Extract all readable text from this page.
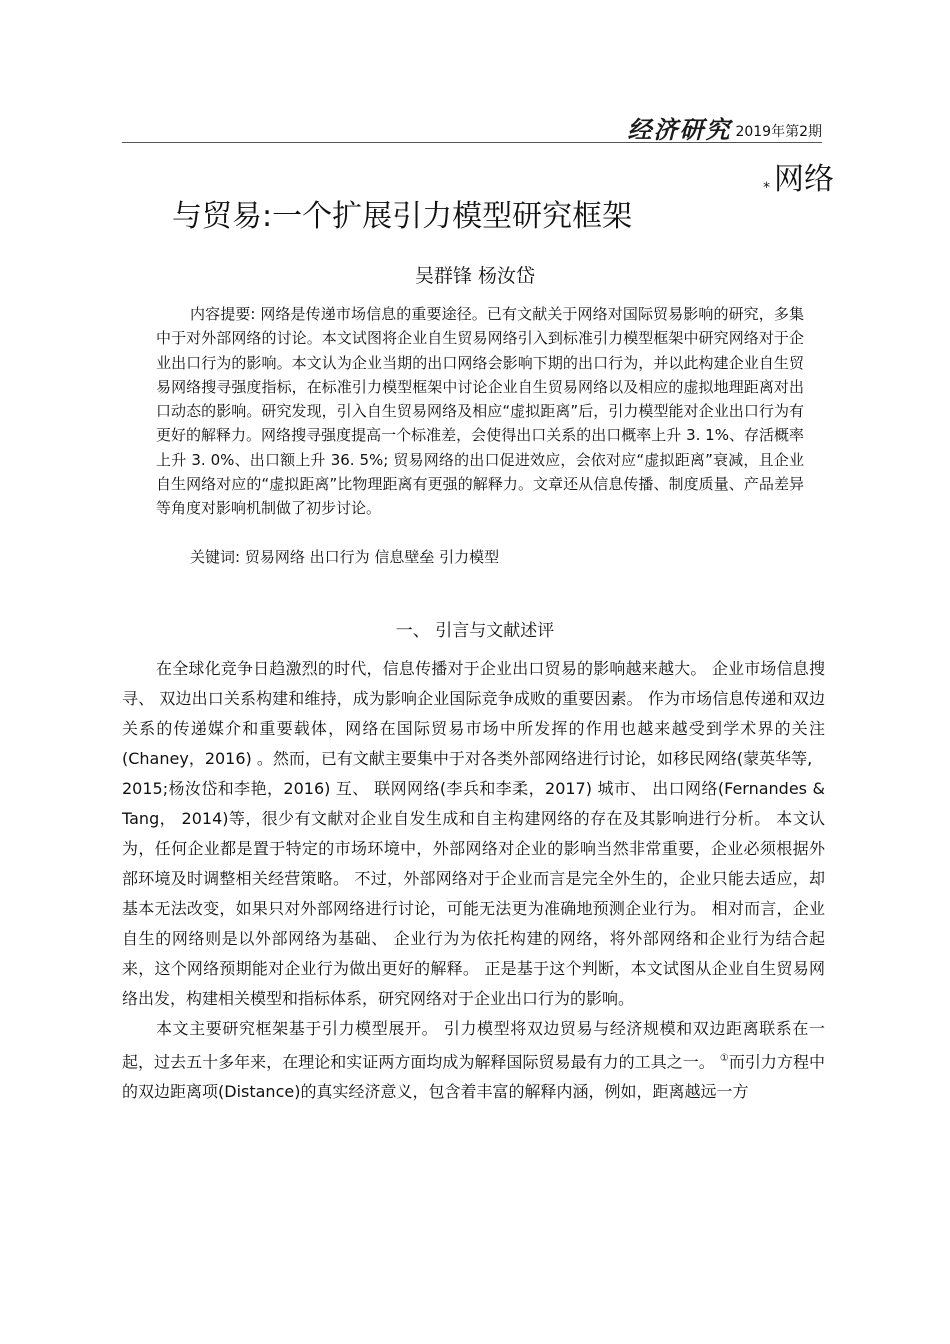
经济研究 2019年第2期
* 网络
与贸易:一个扩展引力模型研究框架
吴群锋 杨汝岱

内容提要: 网络是传递市场信息的重要途径。已有文献关于网络对国际贸易影响的研究，多集中于对外部网络的讨论。本文试图将企业自生贸易网络引入到标准引力模型框架中研究网络对于企业出口行为的影响。本文认为企业当期的出口网络会影响下期的出口行为，并以此构建企业自生贸易网络搜寻强度指标，在标准引力模型框架中讨论企业自生贸易网络以及相应的虚拟地理距离对出口动态的影响。研究发现，引入自生贸易网络及相应“虚拟距离”后，引力模型能对企业出口行为有更好的解释力。网络搜寻强度提高一个标准差，会使得出口关系的出口概率上升 3. 1%、存活概率上升 3. 0%、出口额上升 36. 5%; 贸易网络的出口促进效应，会依对应“虚拟距离”衰减，且企业自生网络对应的“虚拟距离”比物理距离有更强的解释力。文章还从信息传播、制度质量、产品差异等角度对影响机制做了初步讨论。

关键词: 贸易网络 出口行为 信息壁垒 引力模型

一、 引言与文献述评

在全球化竞争日趋激烈的时代，信息传播对于企业出口贸易的影响越来越大。 企业市场信息搜寻、 双边出口关系构建和维持，成为影响企业国际竞争成败的重要因素。 作为市场信息传递和双边关系的传递媒介和重要载体，网络在国际贸易市场中所发挥的作用也越来越受到学术界的关注 (Chaney，2016) 。然而，已有文献主要集中于对各类外部网络进行讨论，如移民网络(蒙英华等,

2015;杨汝岱和李艳，2016) 互、 联网网络(李兵和李柔，2017) 城市、 出口网络(Fernandes & Tang， 2014)等，很少有文献对企业自发生成和自主构建网络的存在及其影响进行分析。 本文认为，任何企业都是置于特定的市场环境中，外部网络对企业的影响当然非常重要，企业必须根据外部环境及时调整相关经营策略。 不过，外部网络对于企业而言是完全外生的，企业只能去适应，却基本无法改变，如果只对外部网络进行讨论，可能无法更为准确地预测企业行为。 相对而言，企业自生的网络则是以外部网络为基础、 企业行为为依托构建的网络，将外部网络和企业行为结合起来，这个网络预期能对企业行为做出更好的解释。 正是基于这个判断，本文试图从企业自生贸易网络出发，构建相关模型和指标体系，研究网络对于企业出口行为的影响。

本文主要研究框架基于引力模型展开。 引力模型将双边贸易与经济规模和双边距离联系在一起，过去五十多年来，在理论和实证两方面均成为解释国际贸易最有力的工具之一。 ①而引力方程中的双边距离项(Distance)的真实经济意义，包含着丰富的解释内涵，例如，距离越远一方
